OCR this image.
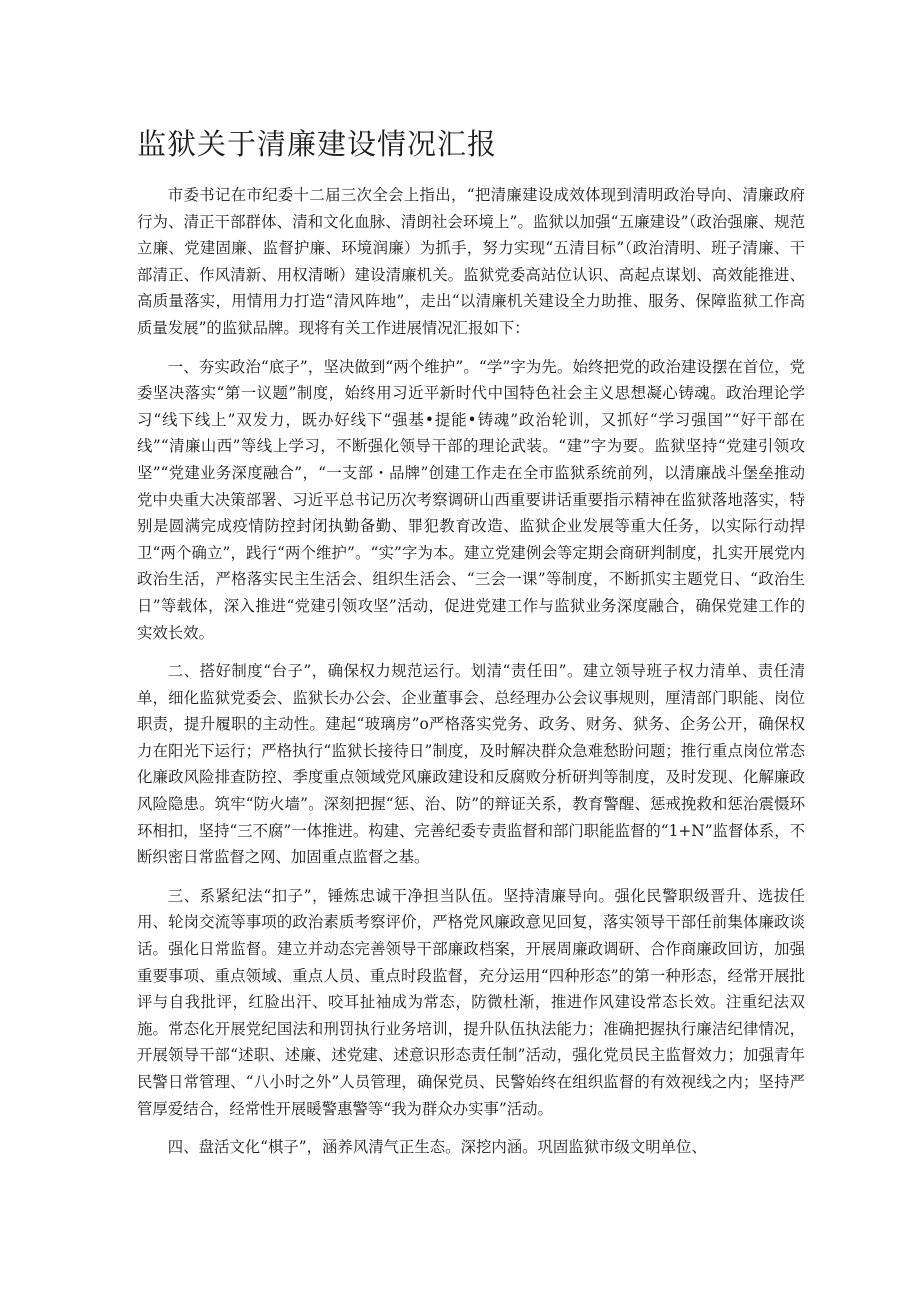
监狱关于清廉建设情况汇报

市委书记在市纪委十二届三次全会上指出，“把清廉建设成效体现到清明政治导向、清廉政府行为、清正干部群体、清和文化血脉、清朗社会环境上”。监狱以加强“五廉建设”（政治强廉、规范立廉、党建固廉、监督护廉、环境润廉）为抓手，努力实现“五清目标”（政治清明、班子清廉、干部清正、作风清新、用权清晰）建设清廉机关。监狱党委高站位认识、高起点谋划、高效能推进、高质量落实，用情用力打造“清风阵地”，走出“以清廉机关建设全力助推、服务、保障监狱工作高质量发展”的监狱品牌。现将有关工作进展情况汇报如下：

一、夯实政治“底子”，坚决做到“两个维护”。“学”字为先。始终把党的政治建设摆在首位，党委坚决落实“第一议题”制度，始终用习近平新时代中国特色社会主义思想凝心铸魂。政治理论学习“线下线上”双发力，既办好线下“强基•提能•铸魂”政治轮训，又抓好“学习强国”“好干部在线”“清廉山西”等线上学习，不断强化领导干部的理论武装。“建”字为要。监狱坚持“党建引领攻坚”“党建业务深度融合”，“一支部・品牌”创建工作走在全市监狱系统前列，以清廉战斗堡垒推动党中央重大决策部署、习近平总书记历次考察调研山西重要讲话重要指示精神在监狱落地落实，特别是圆满完成疫情防控封闭执勤备勤、罪犯教育改造、监狱企业发展等重大任务，以实际行动捍卫“两个确立”，践行“两个维护”。“实”字为本。建立党建例会等定期会商研判制度，扎实开展党内政治生活，严格落实民主生活会、组织生活会、“三会一课”等制度，不断抓实主题党日、“政治生日”等载体，深入推进“党建引领攻坚”活动，促进党建工作与监狱业务深度融合，确保党建工作的实效长效。

二、搭好制度“台子”，确保权力规范运行。划清“责任田”。建立领导班子权力清单、责任清单，细化监狱党委会、监狱长办公会、企业董事会、总经理办公会议事规则，厘清部门职能、岗位职责，提升履职的主动性。建起“玻璃房”o严格落实党务、政务、财务、狱务、企务公开，确保权力在阳光下运行；严格执行“监狱长接待日”制度，及时解决群众急难愁盼问题；推行重点岗位常态化廉政风险排查防控、季度重点领域党风廉政建设和反腐败分析研判等制度，及时发现、化解廉政风险隐患。筑牢“防火墙”。深刻把握“惩、治、防”的辩证关系，教育警醒、惩戒挽救和惩治震慑环环相扣，坚持“三不腐”一体推进。构建、完善纪委专责监督和部门职能监督的“1+N”监督体系，不断织密日常监督之网、加固重点监督之基。

三、系紧纪法“扣子”，锤炼忠诚干净担当队伍。坚持清廉导向。强化民警职级晋升、选拔任用、轮岗交流等事项的政治素质考察评价，严格党风廉政意见回复，落实领导干部任前集体廉政谈话。强化日常监督。建立并动态完善领导干部廉政档案，开展周廉政调研、合作商廉政回访，加强重要事项、重点领域、重点人员、重点时段监督，充分运用“四种形态”的第一种形态，经常开展批评与自我批评，红脸出汗、咬耳扯袖成为常态，防微杜渐，推进作风建设常态长效。注重纪法双施。常态化开展党纪国法和刑罚执行业务培训，提升队伍执法能力；准确把握执行廉洁纪律情况，开展领导干部“述职、述廉、述党建、述意识形态责任制”活动，强化党员民主监督效力；加强青年民警日常管理、“八小时之外”人员管理，确保党员、民警始终在组织监督的有效视线之内；坚持严管厚爱结合，经常性开展暖警惠警等“我为群众办实事”活动。

四、盘活文化“棋子”，涵养风清气正生态。深挖内涵。巩固监狱市级文明单位、
